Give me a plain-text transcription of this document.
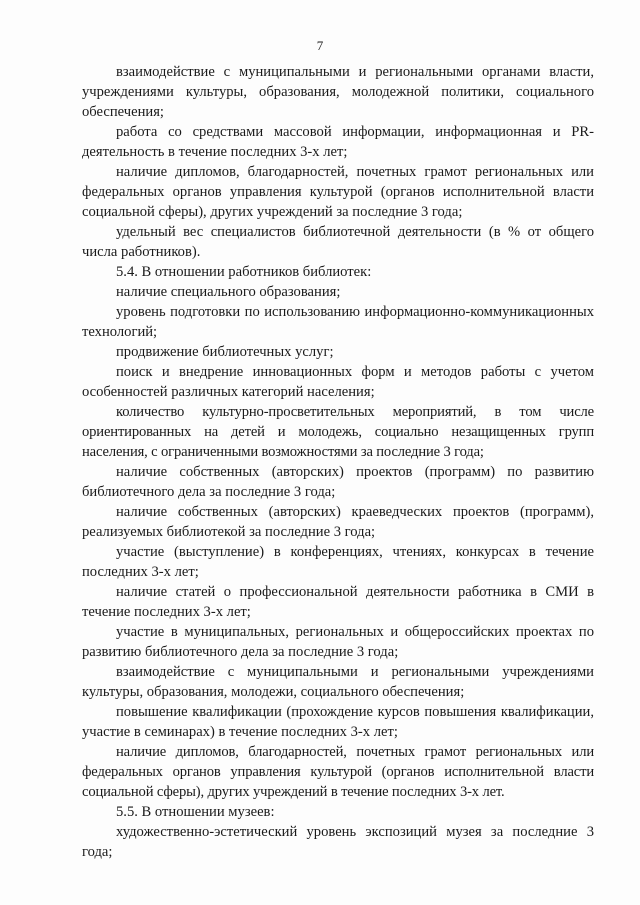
7

взаимодействие с муниципальными и региональными органами власти, учреждениями культуры, образования, молодежной политики, социального обеспечения;

работа со средствами массовой информации, информационная и PR-деятельность в течение последних 3-х лет;

наличие дипломов, благодарностей, почетных грамот региональных или федеральных органов управления культурой (органов исполнительной власти социальной сферы), других учреждений за последние 3 года;

удельный вес специалистов библиотечной деятельности (в % от общего числа работников).

5.4. В отношении работников библиотек:

наличие специального образования;

уровень подготовки по использованию информационно-коммуникационных технологий;

продвижение библиотечных услуг;

поиск и внедрение инновационных форм и методов работы с учетом особенностей различных категорий населения;

количество культурно-просветительных мероприятий, в том числе ориентированных на детей и молодежь, социально незащищенных групп населения, с ограниченными возможностями за последние 3 года;

наличие собственных (авторских) проектов (программ) по развитию библиотечного дела за последние 3 года;

наличие собственных (авторских) краеведческих проектов (программ), реализуемых библиотекой за последние 3 года;

участие (выступление) в конференциях, чтениях, конкурсах в течение последних 3-х лет;

наличие статей о профессиональной деятельности работника в СМИ в течение последних 3-х лет;

участие в муниципальных, региональных и общероссийских проектах по развитию библиотечного дела за последние 3 года;

взаимодействие с муниципальными и региональными учреждениями культуры, образования, молодежи, социального обеспечения;

повышение квалификации (прохождение курсов повышения квалификации, участие в семинарах) в течение последних 3-х лет;

наличие дипломов, благодарностей, почетных грамот региональных или федеральных органов управления культурой (органов исполнительной власти социальной сферы), других учреждений в течение последних 3-х лет.

5.5. В отношении музеев:

художественно-эстетический уровень экспозиций музея за последние 3 года;
